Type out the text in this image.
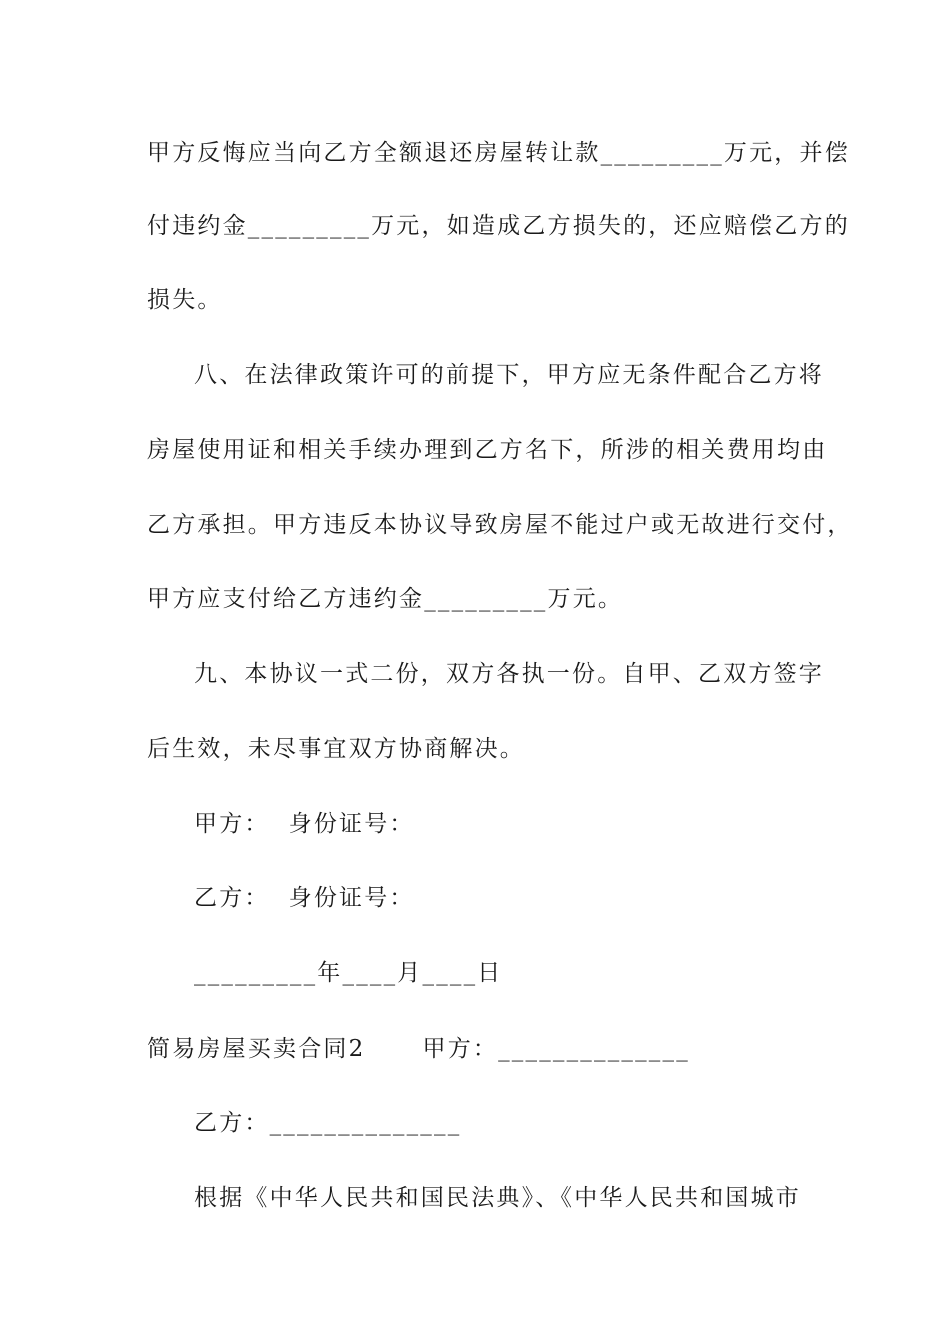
甲方反悔应当向乙方全额退还房屋转让款_________万元，并偿
付违约金_________万元，如造成乙方损失的，还应赔偿乙方的
损失。
八、在法律政策许可的前提下，甲方应无条件配合乙方将
房屋使用证和相关手续办理到乙方名下，所涉的相关费用均由
乙方承担。甲方违反本协议导致房屋不能过户或无故进行交付，
甲方应支付给乙方违约金_________万元。
九、本协议一式二份，双方各执一份。自甲、乙双方签字
后生效，未尽事宜双方协商解决。
甲方：  身份证号：
乙方：  身份证号：
_________年____月____日
简易房屋买卖合同2      甲方：______________
乙方：______________
根据《中华人民共和国民法典》、《中华人民共和国城市
